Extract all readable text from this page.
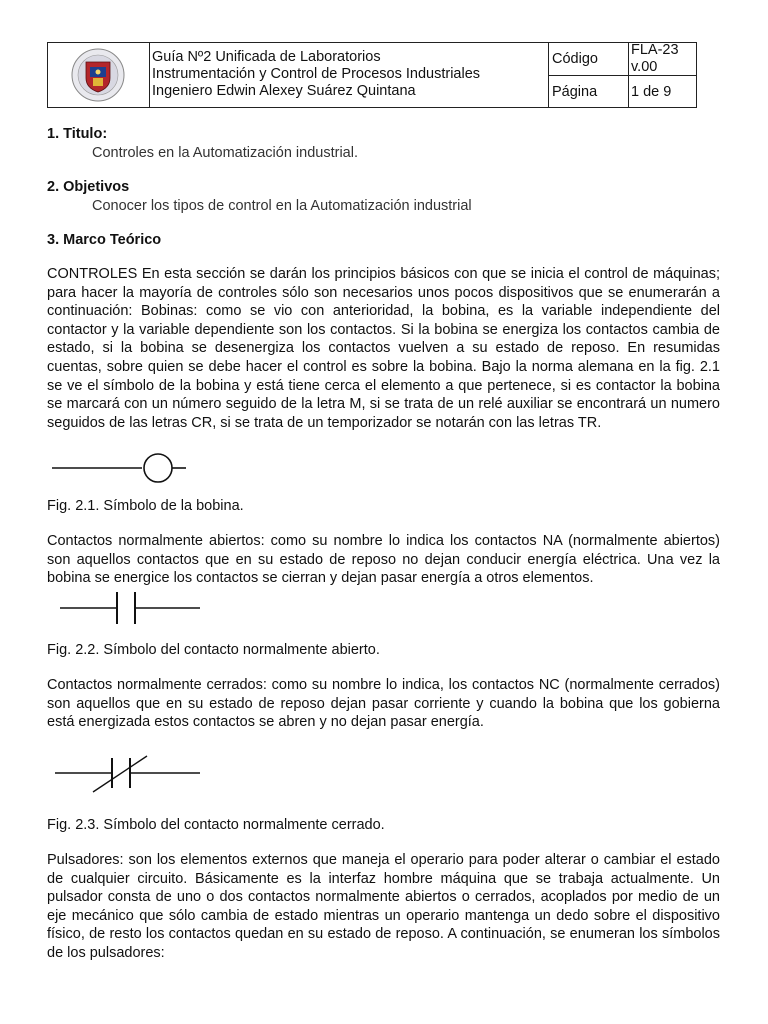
Guía Nº2 Unificada de Laboratorios
Instrumentación y Control de Procesos Industriales
Ingeniero Edwin Alexey Suárez Quintana
Código
FLA-23
v.00
Página 1 de 9
1. Titulo:
Controles en la Automatización industrial.
2. Objetivos
Conocer los tipos de control en la Automatización industrial
3. Marco Teórico
CONTROLES En esta sección se darán los principios básicos con que se inicia el control de máquinas; para hacer la mayoría de controles sólo son necesarios unos pocos dispositivos que se enumerarán a continuación: Bobinas: como se vio con anterioridad, la bobina, es la variable independiente del contactor y la variable dependiente son los contactos. Si la bobina se energiza los contactos cambia de estado, si la bobina se desenergiza los contactos vuelven a su estado de reposo. En resumidas cuentas, sobre quien se debe hacer el control es sobre la bobina. Bajo la norma alemana en la fig. 2.1 se ve el símbolo de la bobina y está tiene cerca el elemento a que pertenece, si es contactor la bobina se marcará con un número seguido de la letra M, si se trata de un relé auxiliar se encontrará un numero seguidos de las letras CR, si se trata de un temporizador se notarán con las letras TR.
Fig. 2.1. Símbolo de la bobina.
Contactos normalmente abiertos: como su nombre lo indica los contactos NA (normalmente abiertos) son aquellos contactos que en su estado de reposo no dejan conducir energía eléctrica. Una vez la bobina se energice los contactos se cierran y dejan pasar energía a otros elementos.
Fig. 2.2. Símbolo del contacto normalmente abierto.
Contactos normalmente cerrados: como su nombre lo indica, los contactos NC (normalmente cerrados) son aquellos que en su estado de reposo dejan pasar corriente y cuando la bobina que los gobierna está energizada estos contactos se abren y no dejan pasar energía.
Fig. 2.3. Símbolo del contacto normalmente cerrado.
Pulsadores: son los elementos externos que maneja el operario para poder alterar o cambiar el estado de cualquier circuito. Básicamente es la interfaz hombre máquina que se trabaja actualmente. Un pulsador consta de uno o dos contactos normalmente abiertos o cerrados, acoplados por medio de un eje mecánico que sólo cambia de estado mientras un operario mantenga un dedo sobre el dispositivo físico, de resto los contactos quedan en su estado de reposo. A continuación, se enumeran los símbolos de los pulsadores:
